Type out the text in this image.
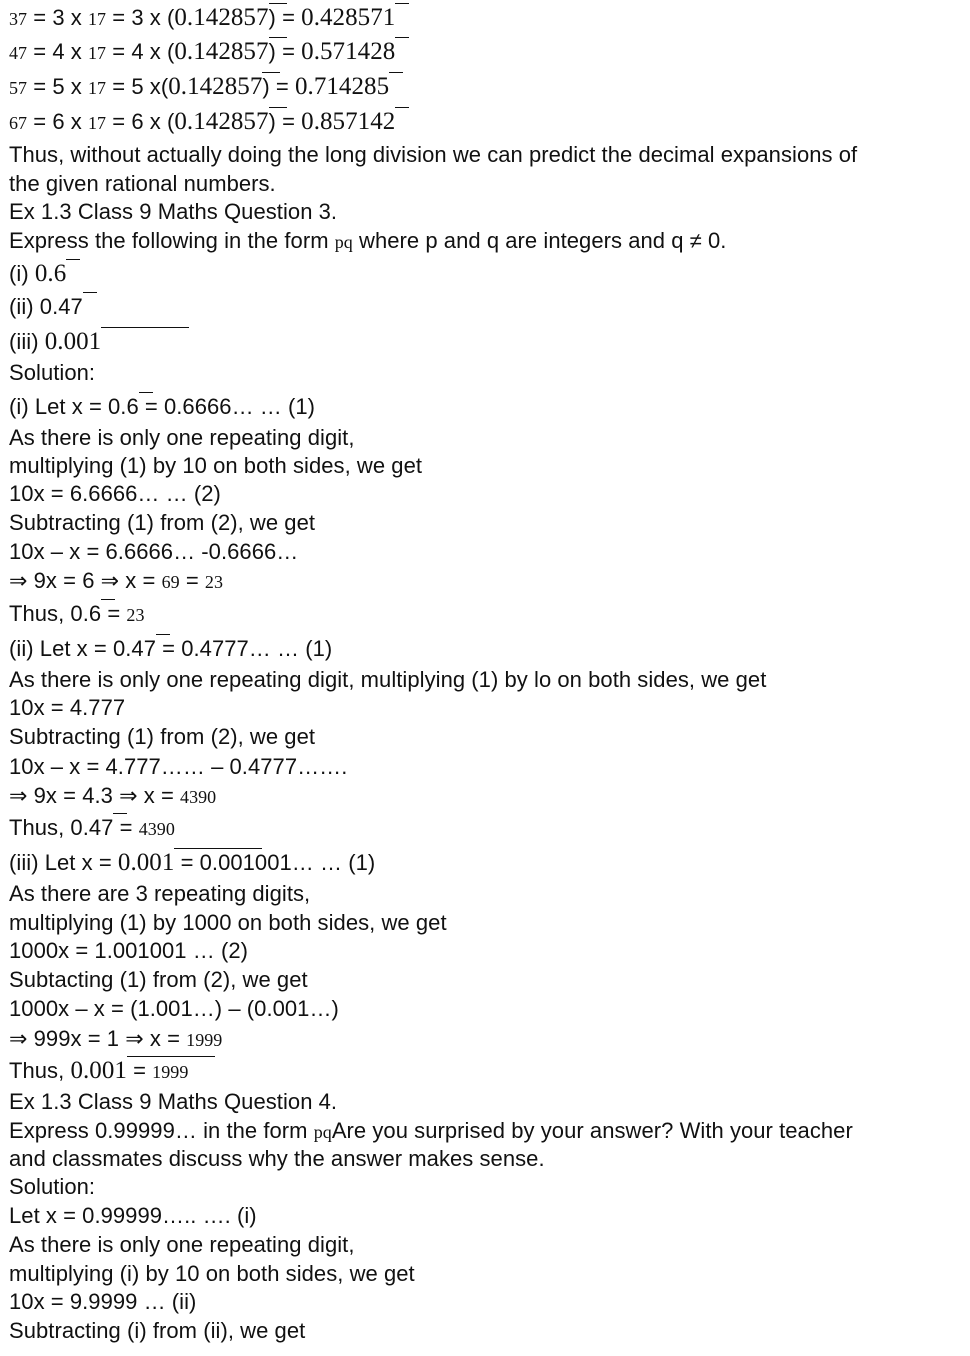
37 = 3 x 17 = 3 x (0.142857
) = 0.428571
47 = 4 x 17 = 4 x (0.142857
) = 0.571428
57 = 5 x 17 = 5 x(0.142857
) = 0.714285
67 = 6 x 17 = 6 x (0.142857
) = 0.857142
Thus, without actually doing the long division we can predict the decimal expansions of
the given rational numbers.
Ex 1.3 Class 9 Maths Question 3.
Express the following in the form pq where p and q are integers and q ≠ 0.
(i) 0.6
(ii) 0.47
(iii) 0.001
Solution:
(i) Let x = 0.6
= 0.6666… … (1)
As there is only one repeating digit,
multiplying (1) by 10 on both sides, we get
10x = 6.6666… … (2)
Subtracting (1) from (2), we get
10x – x = 6.6666… -0.6666…
⇒ 9x = 6 ⇒ x = 69 = 23
Thus, 0.6
= 23
(ii) Let x = 0.47
= 0.4777… … (1)
As there is only one repeating digit, multiplying (1) by lo on both sides, we get
10x = 4.777
Subtracting (1) from (2), we get
10x – x = 4.777…… – 0.4777…….
⇒ 9x = 4.3 ⇒ x = 4390
Thus, 0.47
= 4390
(iii) Let x = 0.001
= 0.001001… … (1)
As there are 3 repeating digits,
multiplying (1) by 1000 on both sides, we get
1000x = 1.001001 … (2)
Subtacting (1) from (2), we get
1000x – x = (1.001…) – (0.001…)
⇒ 999x = 1 ⇒ x = 1999
Thus, 0.001
= 1999
Ex 1.3 Class 9 Maths Question 4.
Express 0.99999… in the form pqAre you surprised by your answer? With your teacher
and classmates discuss why the answer makes sense.
Solution:
Let x = 0.99999….. …. (i)
As there is only one repeating digit,
multiplying (i) by 10 on both sides, we get
10x = 9.9999 … (ii)
Subtracting (i) from (ii), we get
